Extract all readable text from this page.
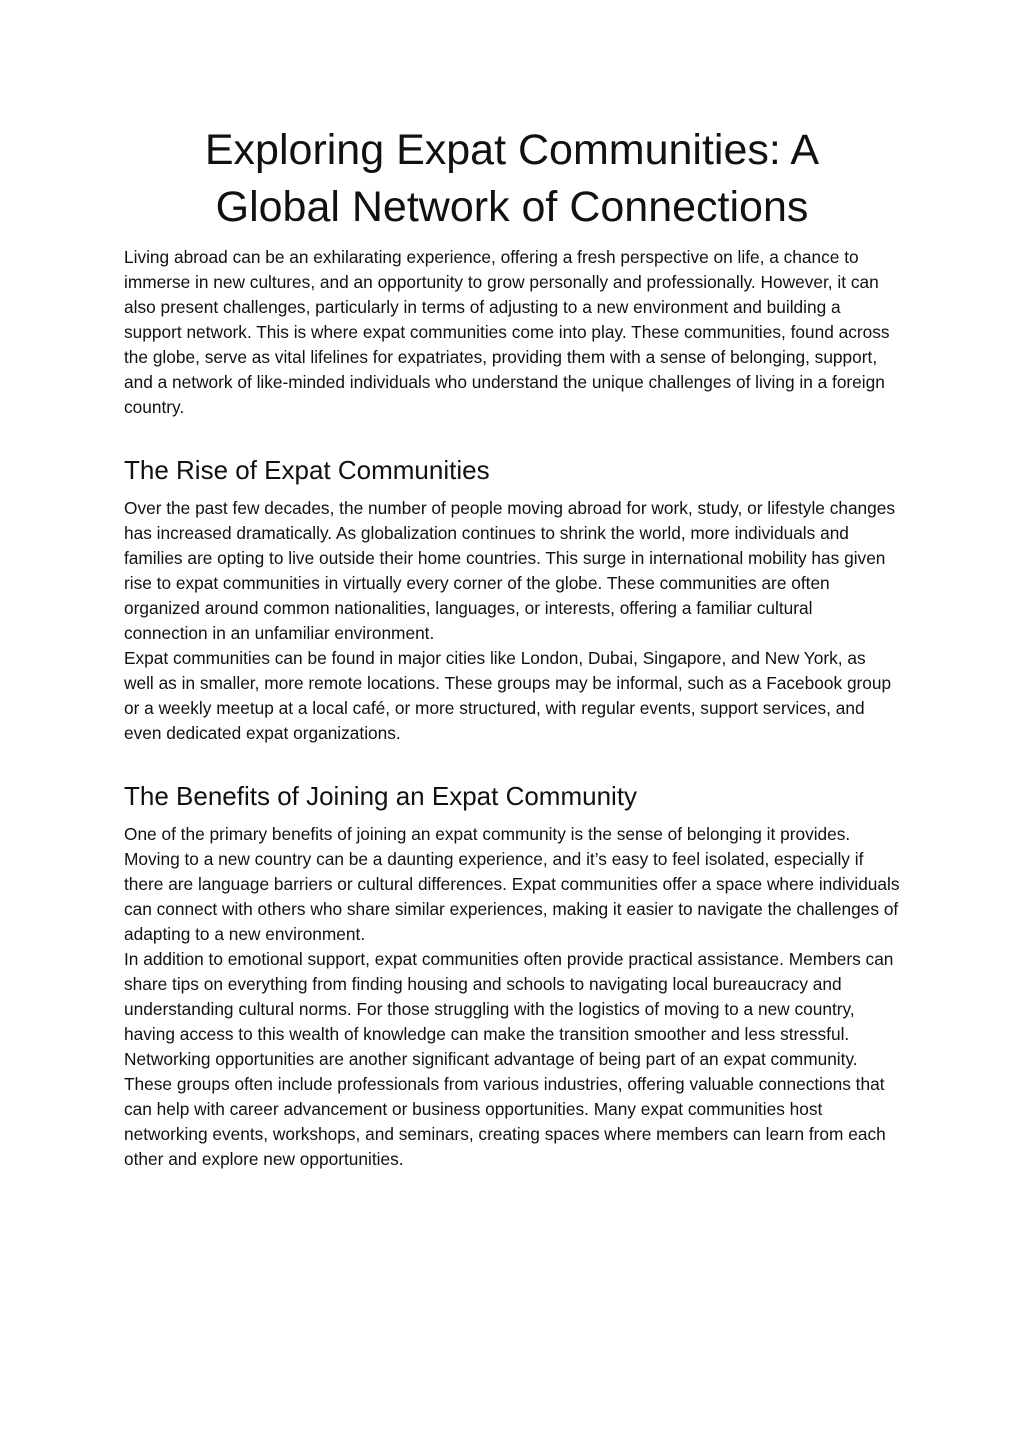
Exploring Expat Communities: A
Global Network of Connections

Living abroad can be an exhilarating experience, offering a fresh perspective on life, a chance to immerse in new cultures, and an opportunity to grow personally and professionally. However, it can also present challenges, particularly in terms of adjusting to a new environment and building a support network. This is where expat communities come into play. These communities, found across the globe, serve as vital lifelines for expatriates, providing them with a sense of belonging, support, and a network of like-minded individuals who understand the unique challenges of living in a foreign country.

The Rise of Expat Communities

Over the past few decades, the number of people moving abroad for work, study, or lifestyle changes has increased dramatically. As globalization continues to shrink the world, more individuals and families are opting to live outside their home countries. This surge in international mobility has given rise to expat communities in virtually every corner of the globe. These communities are often organized around common nationalities, languages, or interests, offering a familiar cultural connection in an unfamiliar environment.

Expat communities can be found in major cities like London, Dubai, Singapore, and New York, as well as in smaller, more remote locations. These groups may be informal, such as a Facebook group or a weekly meetup at a local café, or more structured, with regular events, support services, and even dedicated expat organizations.

The Benefits of Joining an Expat Community

One of the primary benefits of joining an expat community is the sense of belonging it provides. Moving to a new country can be a daunting experience, and it’s easy to feel isolated, especially if there are language barriers or cultural differences. Expat communities offer a space where individuals can connect with others who share similar experiences, making it easier to navigate the challenges of adapting to a new environment.

In addition to emotional support, expat communities often provide practical assistance. Members can share tips on everything from finding housing and schools to navigating local bureaucracy and understanding cultural norms. For those struggling with the logistics of moving to a new country, having access to this wealth of knowledge can make the transition smoother and less stressful.

Networking opportunities are another significant advantage of being part of an expat community. These groups often include professionals from various industries, offering valuable connections that can help with career advancement or business opportunities. Many expat communities host networking events, workshops, and seminars, creating spaces where members can learn from each other and explore new opportunities.
